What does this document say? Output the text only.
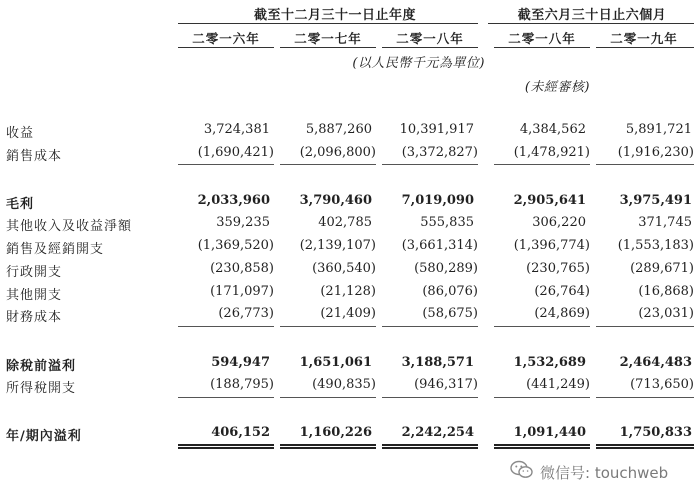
截至十二月三十一日止年度	截至六月三十日止六個月
二零一六年	二零一七年	二零一八年	二零一八年	二零一九年
(以人民幣千元為單位)
(未經審核)
收益	3,724,381	5,887,260	10,391,917	4,384,562	5,891,721
銷售成本	(1,690,421)	(2,096,800)	(3,372,827)	(1,478,921)	(1,916,230)
毛利	2,033,960	3,790,460	7,019,090	2,905,641	3,975,491
其他收入及收益淨額	359,235	402,785	555,835	306,220	371,745
銷售及經銷開支	(1,369,520)	(2,139,107)	(3,661,314)	(1,396,774)	(1,553,183)
行政開支	(230,858)	(360,540)	(580,289)	(230,765)	(289,671)
其他開支	(171,097)	(21,128)	(86,076)	(26,764)	(16,868)
財務成本	(26,773)	(21,409)	(58,675)	(24,869)	(23,031)
除稅前溢利	594,947	1,651,061	3,188,571	1,532,689	2,464,483
所得稅開支	(188,795)	(490,835)	(946,317)	(441,249)	(713,650)
年/期內溢利	406,152	1,160,226	2,242,254	1,091,440	1,750,833
微信号: touchweb
